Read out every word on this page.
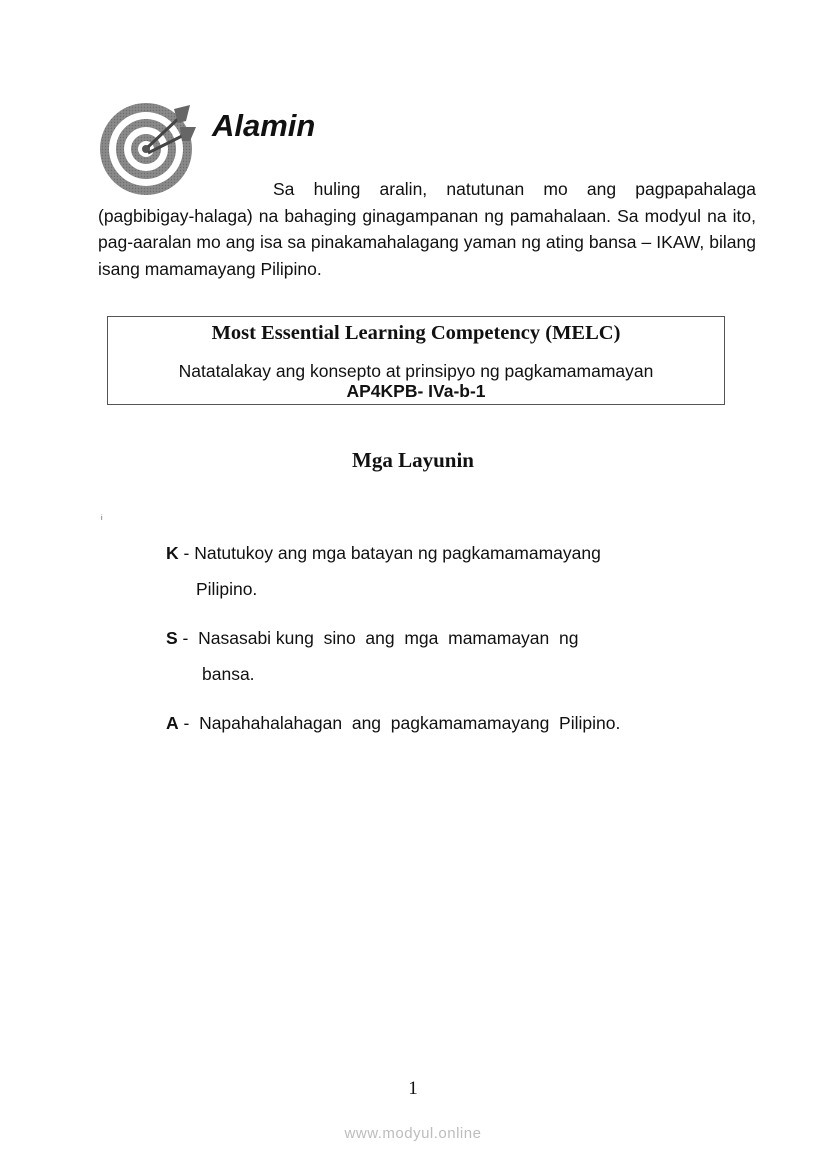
Alamin

Sa huling aralin, natutunan mo ang pagpapahalaga (pagbibigay-halaga) na bahaging ginagampanan ng pamahalaan. Sa modyul na ito, pag-aaralan mo ang isa sa pinakamahalagang yaman ng ating bansa – IKAW, bilang isang mamamayang Pilipino.

Most Essential Learning Competency (MELC)

Natatalakay ang konsepto at prinsipyo ng pagkamamamayan

AP4KPB- IVa-b-1

Mga Layunin
i
K - Natutukoy ang mga batayan ng pagkamamamayang
Pilipino.
S -  Nasasabi kung  sino  ang  mga  mamamayan  ng
bansa.
A -  Napahahalahagan  ang  pagkamamamayang  Pilipino.

1

www.modyul.online
